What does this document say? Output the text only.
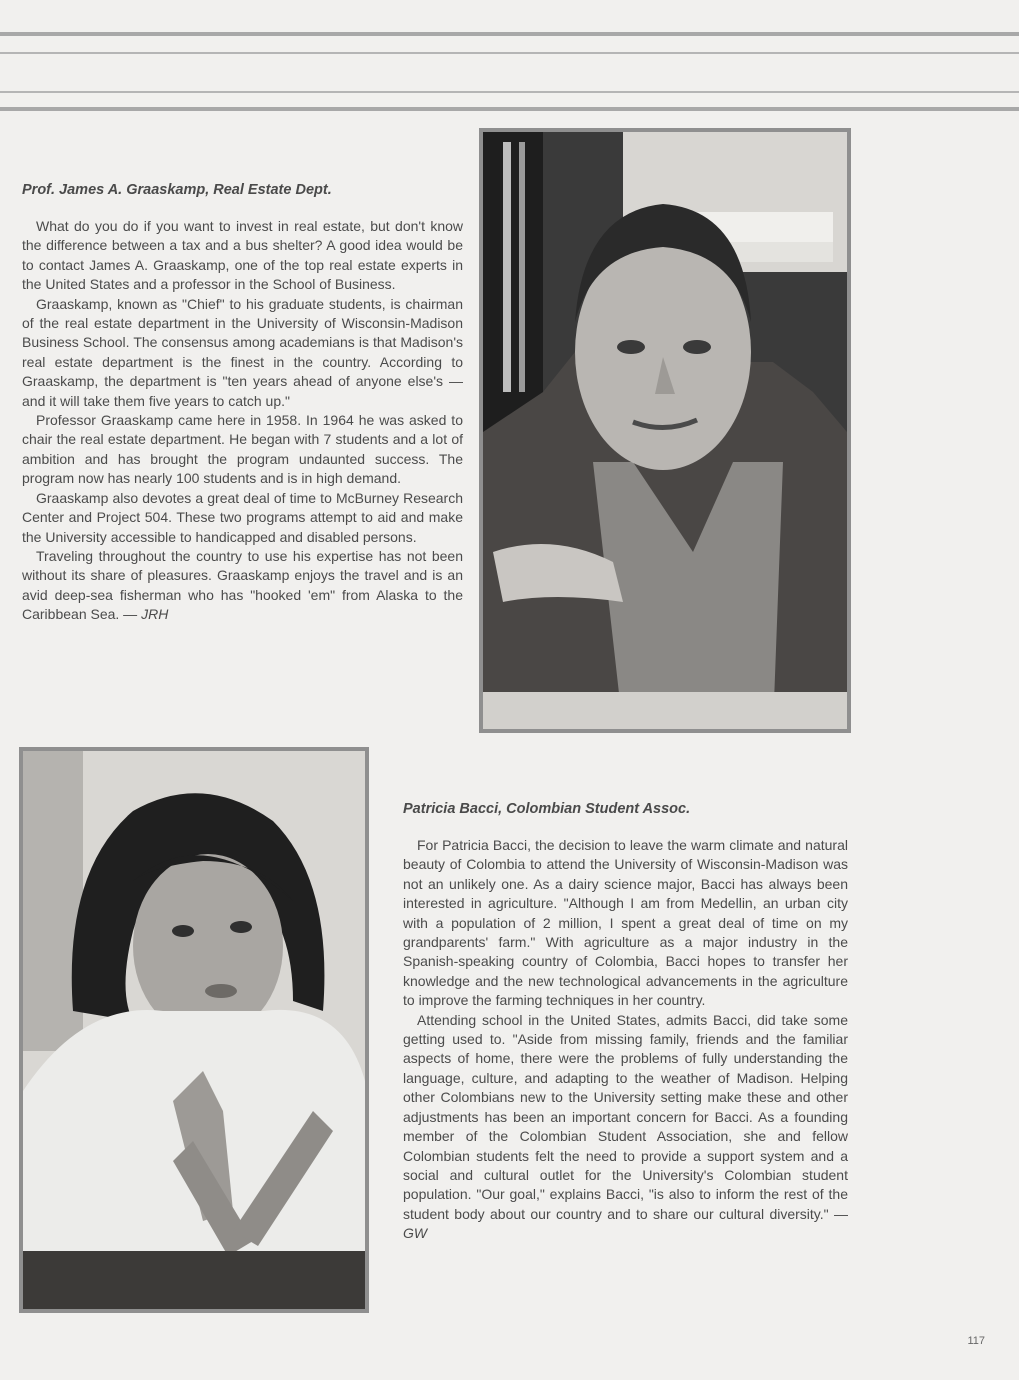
Prof. James A. Graaskamp, Real Estate Dept.

What do you do if you want to invest in real estate, but don't know the difference between a tax and a bus shelter? A good idea would be to contact James A. Graaskamp, one of the top real estate experts in the United States and a professor in the School of Business.

Graaskamp, known as "Chief" to his graduate students, is chairman of the real estate department in the University of Wisconsin-Madison Business School. The consensus among academians is that Madison's real estate department is the finest in the country. According to Graaskamp, the department is "ten years ahead of anyone else's — and it will take them five years to catch up."

Professor Graaskamp came here in 1958. In 1964 he was asked to chair the real estate department. He began with 7 students and a lot of ambition and has brought the program undaunted success. The program now has nearly 100 students and is in high demand.

Graaskamp also devotes a great deal of time to McBurney Research Center and Project 504. These two programs attempt to aid and make the University accessible to handicapped and disabled persons.

Traveling throughout the country to use his expertise has not been without its share of pleasures. Graaskamp enjoys the travel and is an avid deep-sea fisherman who has "hooked 'em" from Alaska to the Caribbean Sea. — JRH

Patricia Bacci, Colombian Student Assoc.

For Patricia Bacci, the decision to leave the warm climate and natural beauty of Colombia to attend the University of Wisconsin-Madison was not an unlikely one. As a dairy science major, Bacci has always been interested in agriculture. "Although I am from Medellin, an urban city with a population of 2 million, I spent a great deal of time on my grandparents' farm." With agriculture as a major industry in the Spanish-speaking country of Colombia, Bacci hopes to transfer her knowledge and the new technological advancements in the agriculture to improve the farming techniques in her country.

Attending school in the United States, admits Bacci, did take some getting used to. "Aside from missing family, friends and the familiar aspects of home, there were the problems of fully understanding the language, culture, and adapting to the weather of Madison. Helping other Colombians new to the University setting make these and other adjustments has been an important concern for Bacci. As a founding member of the Colombian Student Association, she and fellow Colombian students felt the need to provide a support system and a social and cultural outlet for the University's Colombian student population. "Our goal," explains Bacci, "is also to inform the rest of the student body about our country and to share our cultural diversity." — GW

117
